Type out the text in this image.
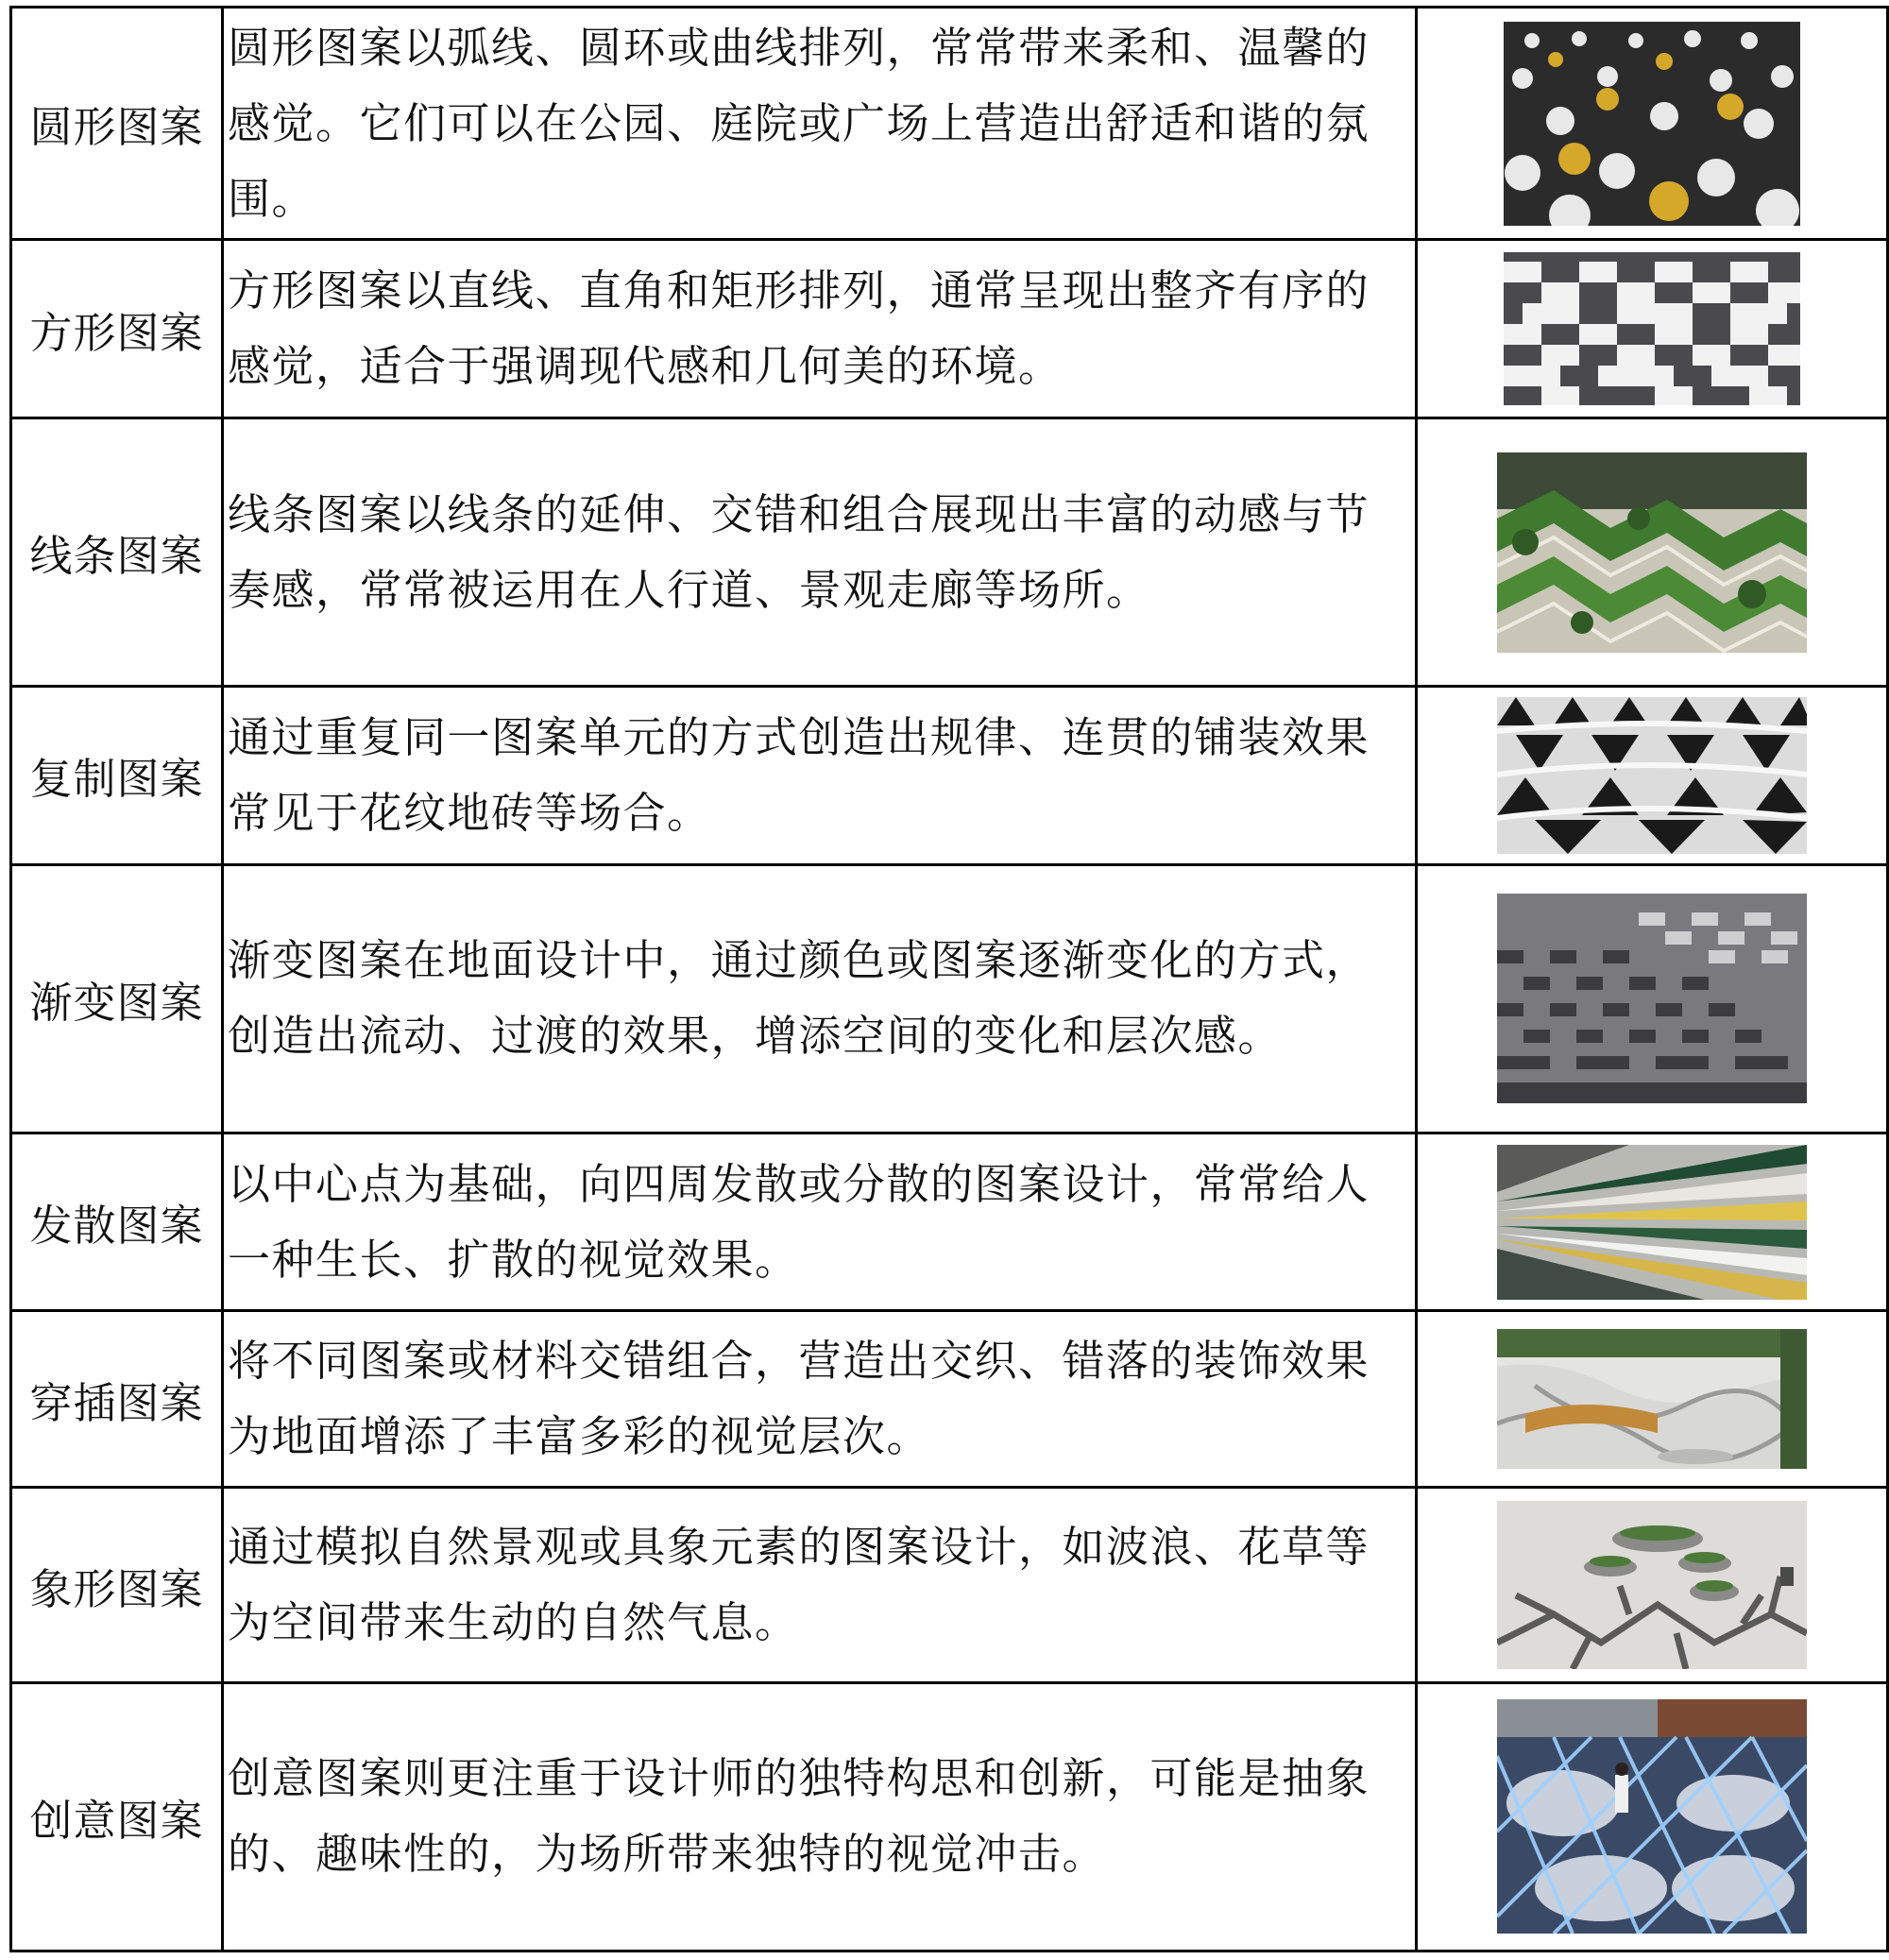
圆形图案	圆形图案以弧线、圆环或曲线排列，常常带来柔和、温馨的感觉。它们可以在公园、庭院或广场上营造出舒适和谐的氛围。

方形图案	方形图案以直线、直角和矩形排列，通常呈现出整齐有序的感觉，适合于强调现代感和几何美的环境。

线条图案	线条图案以线条的延伸、交错和组合展现出丰富的动感与节奏感，常常被运用在人行道、景观走廊等场所。

复制图案	通过重复同一图案单元的方式创造出规律、连贯的铺装效果常见于花纹地砖等场合。

渐变图案	渐变图案在地面设计中，通过颜色或图案逐渐变化的方式，创造出流动、过渡的效果，增添空间的变化和层次感。

发散图案	以中心点为基础，向四周发散或分散的图案设计，常常给人一种生长、扩散的视觉效果。

穿插图案	将不同图案或材料交错组合，营造出交织、错落的装饰效果为地面增添了丰富多彩的视觉层次。

象形图案	通过模拟自然景观或具象元素的图案设计，如波浪、花草等为空间带来生动的自然气息。

创意图案	创意图案则更注重于设计师的独特构思和创新，可能是抽象的、趣味性的，为场所带来独特的视觉冲击。
